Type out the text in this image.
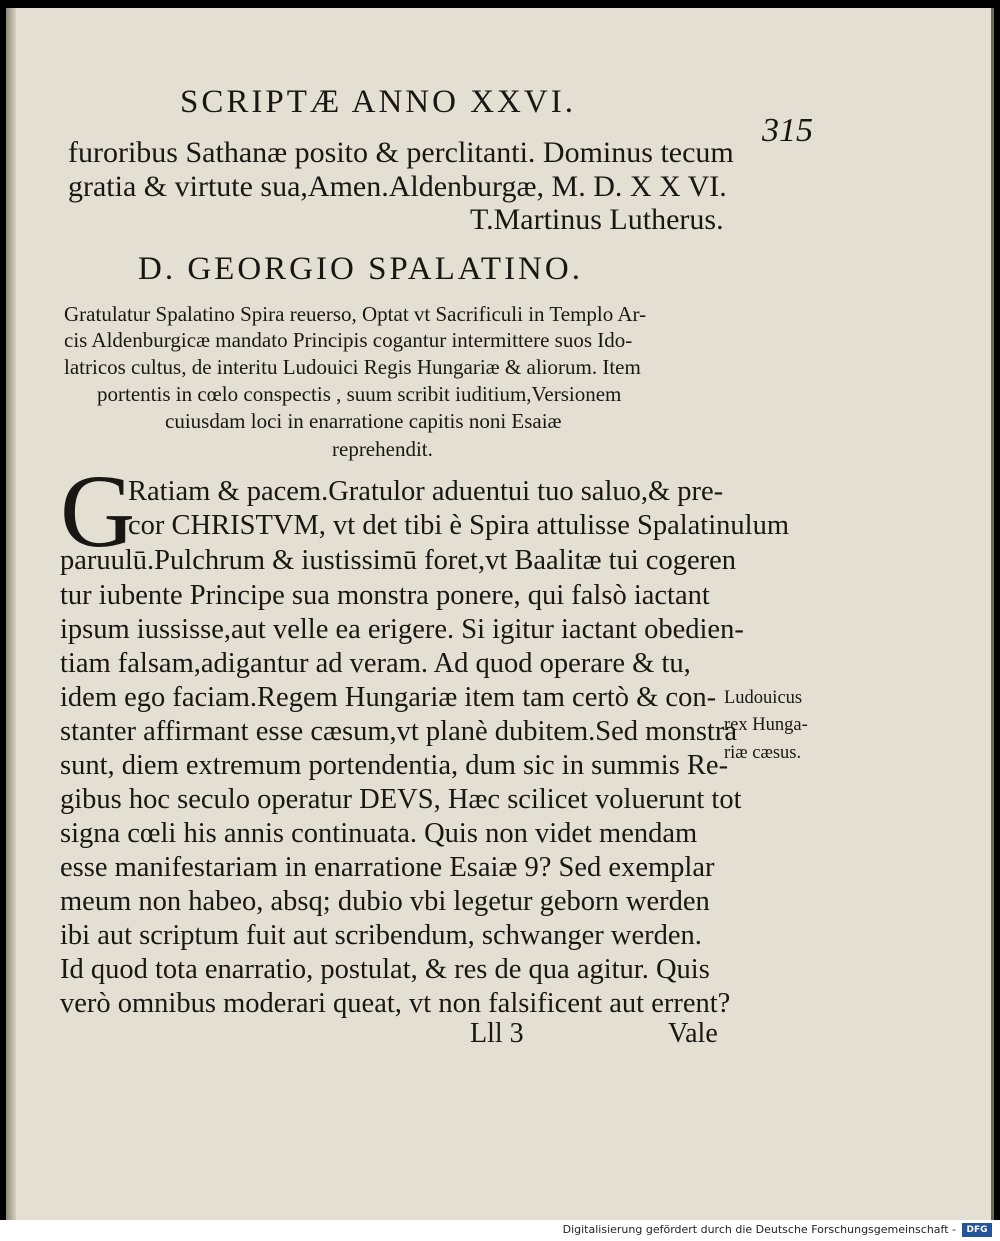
SCRIPTÆ ANNO XXVI.
315
furoribus Sathanæ posito & perclitanti. Dominus tecum
gratia & virtute sua,Amen.Aldenburgæ, M. D. X X VI.
T.Martinus Lutherus.
D. GEORGIO SPALATINO.
Gratulatur Spalatino Spira reuerso, Optat vt Sacrificuli in Templo Ar-
cis Aldenburgicæ mandato Principis cogantur intermittere suos Ido-
latricos cultus, de interitu Ludouici Regis Hungariæ & aliorum. Item
portentis in cœlo conspectis , suum scribit iuditium,Versionem
cuiusdam loci in enarratione capitis noni Esaiæ
reprehendit.
G
Ratiam & pacem.Gratulor aduentui tuo saluo,& pre-
cor CHRISTVM, vt det tibi è Spira attulisse Spalatinulum
paruulū.Pulchrum & iustissimū foret,vt Baalitæ tui cogeren
tur iubente Principe sua monstra ponere, qui falsò iactant
ipsum iussisse,aut velle ea erigere. Si igitur iactant obedien-
tiam falsam,adigantur ad veram. Ad quod operare & tu,
idem ego faciam.Regem Hungariæ item tam certò & con-
stanter affirmant esse cæsum,vt planè dubitem.Sed monstra
sunt, diem extremum portendentia, dum sic in summis Re-
gibus hoc seculo operatur DEVS, Hæc scilicet voluerunt tot
signa cœli his annis continuata. Quis non videt mendam
esse manifestariam in enarratione Esaiæ 9? Sed exemplar
meum non habeo, absq; dubio vbi legetur geborn werden
ibi aut scriptum fuit aut scribendum, schwanger werden.
Id quod tota enarratio, postulat, & res de qua agitur. Quis
verò omnibus moderari queat, vt non falsificent aut errent?
Ludouicus
rex Hunga-
riæ cæsus.
Lll 3	Vale
Digitalisierung gefördert durch die Deutsche Forschungsgemeinschaft -	DFG
